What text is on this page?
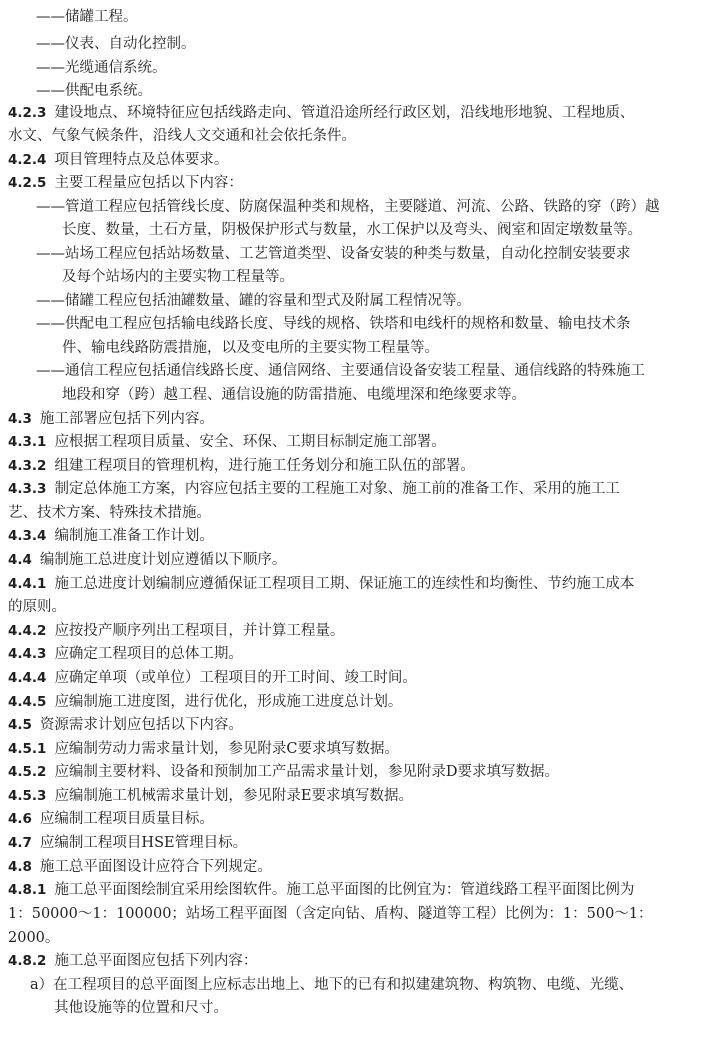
——储罐工程。
——仪表、自动化控制。
——光缆通信系统。
——供配电系统。
4.2.3 建设地点、环境特征应包括线路走向、管道沿途所经行政区划，沿线地形地貌、工程地质、
水文、气象气候条件，沿线人文交通和社会依托条件。
4.2.4 项目管理特点及总体要求。
4.2.5 主要工程量应包括以下内容：
——管道工程应包括管线长度、防腐保温种类和规格，主要隧道、河流、公路、铁路的穿（跨）越
长度、数量，土石方量，阴极保护形式与数量，水工保护以及弯头、阀室和固定墩数量等。
——站场工程应包括站场数量、工艺管道类型、设备安装的种类与数量，自动化控制安装要求
及每个站场内的主要实物工程量等。
——储罐工程应包括油罐数量、罐的容量和型式及附属工程情况等。
——供配电工程应包括输电线路长度、导线的规格、铁塔和电线杆的规格和数量、输电技术条
件、输电线路防震措施，以及变电所的主要实物工程量等。
——通信工程应包括通信线路长度、通信网络、主要通信设备安装工程量、通信线路的特殊施工
地段和穿（跨）越工程、通信设施的防雷措施、电缆埋深和绝缘要求等。
4.3 施工部署应包括下列内容。
4.3.1 应根据工程项目质量、安全、环保、工期目标制定施工部署。
4.3.2 组建工程项目的管理机构，进行施工任务划分和施工队伍的部署。
4.3.3 制定总体施工方案，内容应包括主要的工程施工对象、施工前的准备工作、采用的施工工
艺、技术方案、特殊技术措施。
4.3.4 编制施工准备工作计划。
4.4 编制施工总进度计划应遵循以下顺序。
4.4.1 施工总进度计划编制应遵循保证工程项目工期、保证施工的连续性和均衡性、节约施工成本
的原则。
4.4.2 应按投产顺序列出工程项目，并计算工程量。
4.4.3 应确定工程项目的总体工期。
4.4.4 应确定单项（或单位）工程项目的开工时间、竣工时间。
4.4.5 应编制施工进度图，进行优化，形成施工进度总计划。
4.5 资源需求计划应包括以下内容。
4.5.1 应编制劳动力需求量计划，参见附录C要求填写数据。
4.5.2 应编制主要材料、设备和预制加工产品需求量计划，参见附录D要求填写数据。
4.5.3 应编制施工机械需求量计划，参见附录E要求填写数据。
4.6 应编制工程项目质量目标。
4.7 应编制工程项目HSE管理目标。
4.8 施工总平面图设计应符合下列规定。
4.8.1 施工总平面图绘制宜采用绘图软件。施工总平面图的比例宜为：管道线路工程平面图比例为
1：50000～1：100000；站场工程平面图（含定向钻、盾构、隧道等工程）比例为：1：500～1：
2000。
4.8.2 施工总平面图应包括下列内容：
a）在工程项目的总平面图上应标志出地上、地下的已有和拟建建筑物、构筑物、电缆、光缆、
其他设施等的位置和尺寸。
